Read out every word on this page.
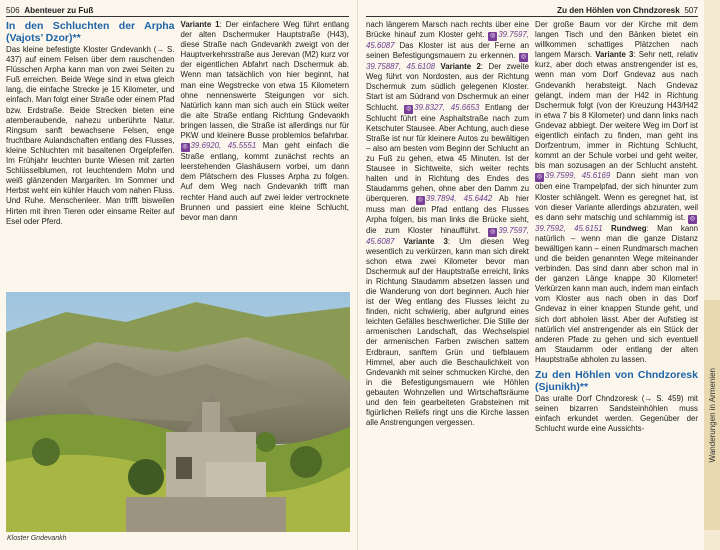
506 Abenteuer zu Fuß
In den Schluchten der Arpha (Vajots’ Dzor)**

Das kleine befestigte Kloster Gndevankh (→ S. 437) auf einem Felsen über dem rauschenden Flüsschen Arpha kann man von zwei Seiten zu Fuß erreichen. Beide Wege sind in etwa gleich lang, die einfache Strecke je 15 Kilometer, und einfach. Man folgt einer Straße oder einem Pfad bzw. Erdstraße. Beide Strecken bieten eine atemberaubende, nahezu unberührte Natur. Ringsum sanft bewachsene Felsen, enge fruchtbare Aulandschaften entlang des Flusses, kleine Schluchten mit basaltenen Orgelpfeifen. Im Frühjahr leuchten bunte Wiesen mit zarten Schlüsselblumen, rot leuchtendem Mohn und weiß glänzenden Margariten. Im Sommer und Herbst weht ein kühler Hauch vom nahen Fluss. Und Ruhe. Menschenleer. Man trifft bisweilen Hirten mit ihren Tieren oder einsame Reiter auf Esel oder Pferd.

Variante 1: Der einfachere Weg führt entlang der alten Dschermuker Hauptstraße (H43), diese Straße nach Gndevankh zweigt von der Hauptverkehrsstraße aus Jerevan (M2) kurz vor der eigentlichen Abfahrt nach Dschermuk ab. Wenn man tatsächlich von hier beginnt, hat man eine Wegstrecke von etwa 15 Kilometern ohne nennenswerte Steigungen vor sich. Natürlich kann man sich auch ein Stück weiter die alte Straße entlang Richtung Gndevankh bringen lassen, die Straße ist allerdings nur für PKW und kleinere Busse problemlos befahrbar. ◎ 39.6920, 45.5551 Man geht einfach die Straße entlang, kommt zunächst rechts an leerstehenden Glashäusern vorbei, um dann dem Plätschern des Flusses Arpha zu folgen. Auf dem Weg nach Gndevankh trifft man rechter Hand auch auf zwei leider vertrocknete Brunnen und passiert eine kleine Schlucht, bevor man dann

Kloster Gndevankh
Zu den Höhlen von Chndzoresk 507

nach längerem Marsch nach rechts über eine Brücke hinauf zum Kloster geht. ◎ 39.7597, 45.6087 Das Kloster ist aus der Ferne an seinen Befestigungsmauern zu erkennen. ◎39.75887, 45.6108 Variante 2: Der zweite Weg führt von Nordosten, aus der Richtung Dschermuk zum südlich gelegenen Kloster. Start ist am Südrand von Dschermuk an einer Schlucht. ◎ 39.8327, 45.6653 Entlang der Schlucht führt eine Asphaltstraße nach zum Ketschuter Stausee. Aber Achtung, auch diese Straße ist nur für kleinere Autos zu bewältigen – also am besten vom Beginn der Schlucht an zu Fuß zu gehen, etwa 45 Minuten. Ist der Stausee in Sichtweite, sich weiter rechts halten und in Richtung des Endes des Staudamms gehen, ohne aber den Damm zu überqueren. ◎ 39.7894, 45.6442 Ab hier muss man dem Pfad entlang des Flusses Arpha folgen, bis man links die Brücke sieht, die zum Kloster hinaufführt. ◎ 39.7597, 45.6087 Variante 3: Um diesen Weg wesentlich zu verkürzen, kann man sich direkt schon etwa zwei Kilometer bevor man Dschermuk auf der Hauptstraße erreicht, links in Richtung Staudamm absetzen lassen und die Wanderung von dort beginnen. Auch hier ist der Weg entlang des Flusses leicht zu finden, nicht schwierig, aber aufgrund eines leichten Gefälles beschwerlicher. Die Stille der armenischen Landschaft, das Wechselspiel der armenischen Farben zwischen sattem Erdbraun, sanftem Grün und tiefblauem Himmel, aber auch die Beschaulichkeit von Gndevankh mit seiner schmucken Kirche, den in die Befestigungsmauern wie Höhlen gebauten Wohnzellen und Wirtschaftsräume und den fein gearbeiteten Grabsteinen mit figürlichen Reliefs ringt uns die Kirche lassen alle Anstrengungen vergessen.

Der große Baum vor der Kirche mit dem langen Tisch und den Bänken bietet ein willkommen schattiges Plätzchen nach langem Marsch. Variante 3: Sehr nett, relativ kurz, aber doch etwas anstrengender ist es, wenn man vom Dorf Gndevaz aus nach Gndevankh herabsteigt. Nach Gndevaz gelangt, indem man der H42 in Richtung Dschermuk folgt (von der Kreuzung H43/H42 in etwa 7 bis 8 Kilometer) und dann links nach Gndevaz abbiegt. Der weitere Weg im Dorf ist eigentlich einfach zu finden, man geht ins Dorfzentrum, immer in Richtung Schlucht, kommt an der Schule vorbei und geht weiter, bis man sozusagen an der Schlucht ansteht. ◎ 39.7599, 45.6169 Dann sieht man von oben eine Trampelpfad, der sich hinunter zum Kloster schlängelt. Wenn es geregnet hat, ist von dieser Variante allerdings abzuraten, weil es dann sehr matschig und schlammig ist. ◎39.7592, 45.6151 Rundweg: Man kann natürlich – wenn man die ganze Distanz bewältigen kann – einen Rundmarsch machen und die beiden genannten Wege miteinander verbinden. Das sind dann aber schon mal in der ganzen Länge knappe 30 Kilometer! Verkürzen kann man auch, indem man einfach vom Kloster aus nach oben in das Dorf Gndevaz in einer knappen Stunde geht, und sich dort abholen lässt. Aber der Aufstieg ist natürlich viel anstrengender als ein Stück der anderen Pfade zu gehen und sich eventuell am Staudamm oder entlang der alten Hauptstraße abholen zu lassen.

Zu den Höhlen von Chndzoresk (Sjunikh)**

Das uralte Dorf Chndzoresk (→ S. 459) mit seinen bizarren Sandsteinhöhlen muss einfach erkundet werden. Gegenüber der Schlucht wurde eine Aussichts-	Wanderungen in Armenien
